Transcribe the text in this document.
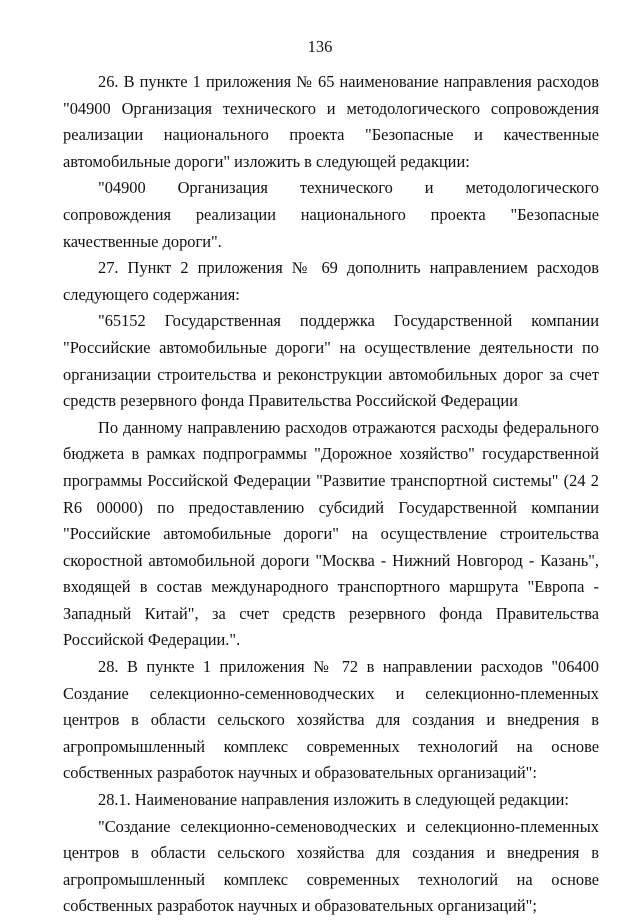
136

26. В пункте 1 приложения № 65 наименование направления расходов "04900 Организация технического и методологического сопровождения реализации национального проекта "Безопасные и качественные автомобильные дороги" изложить в следующей редакции:

"04900 Организация технического и методологического сопровождения реализации национального проекта "Безопасные качественные дороги".

27. Пункт 2 приложения № 69 дополнить направлением расходов следующего содержания:

"65152 Государственная поддержка Государственной компании "Российские автомобильные дороги" на осуществление деятельности по организации строительства и реконструкции автомобильных дорог за счет средств резервного фонда Правительства Российской Федерации

По данному направлению расходов отражаются расходы федерального бюджета в рамках подпрограммы "Дорожное хозяйство" государственной программы Российской Федерации "Развитие транспортной системы" (24 2 R6 00000) по предоставлению субсидий Государственной компании "Российские автомобильные дороги" на осуществление строительства скоростной автомобильной дороги "Москва - Нижний Новгород - Казань", входящей в состав международного транспортного маршрута "Европа - Западный Китай", за счет средств резервного фонда Правительства Российской Федерации.".

28. В пункте 1 приложения № 72 в направлении расходов "06400 Создание селекционно-семенноводческих и селекционно-племенных центров в области сельского хозяйства для создания и внедрения в агропромышленный комплекс современных технологий на основе собственных разработок научных и образовательных организаций":

28.1. Наименование направления изложить в следующей редакции:

"Создание селекционно-семеноводческих и селекционно-племенных центров в области сельского хозяйства для создания и внедрения в агропромышленный комплекс современных технологий на основе собственных разработок научных и образовательных организаций";
